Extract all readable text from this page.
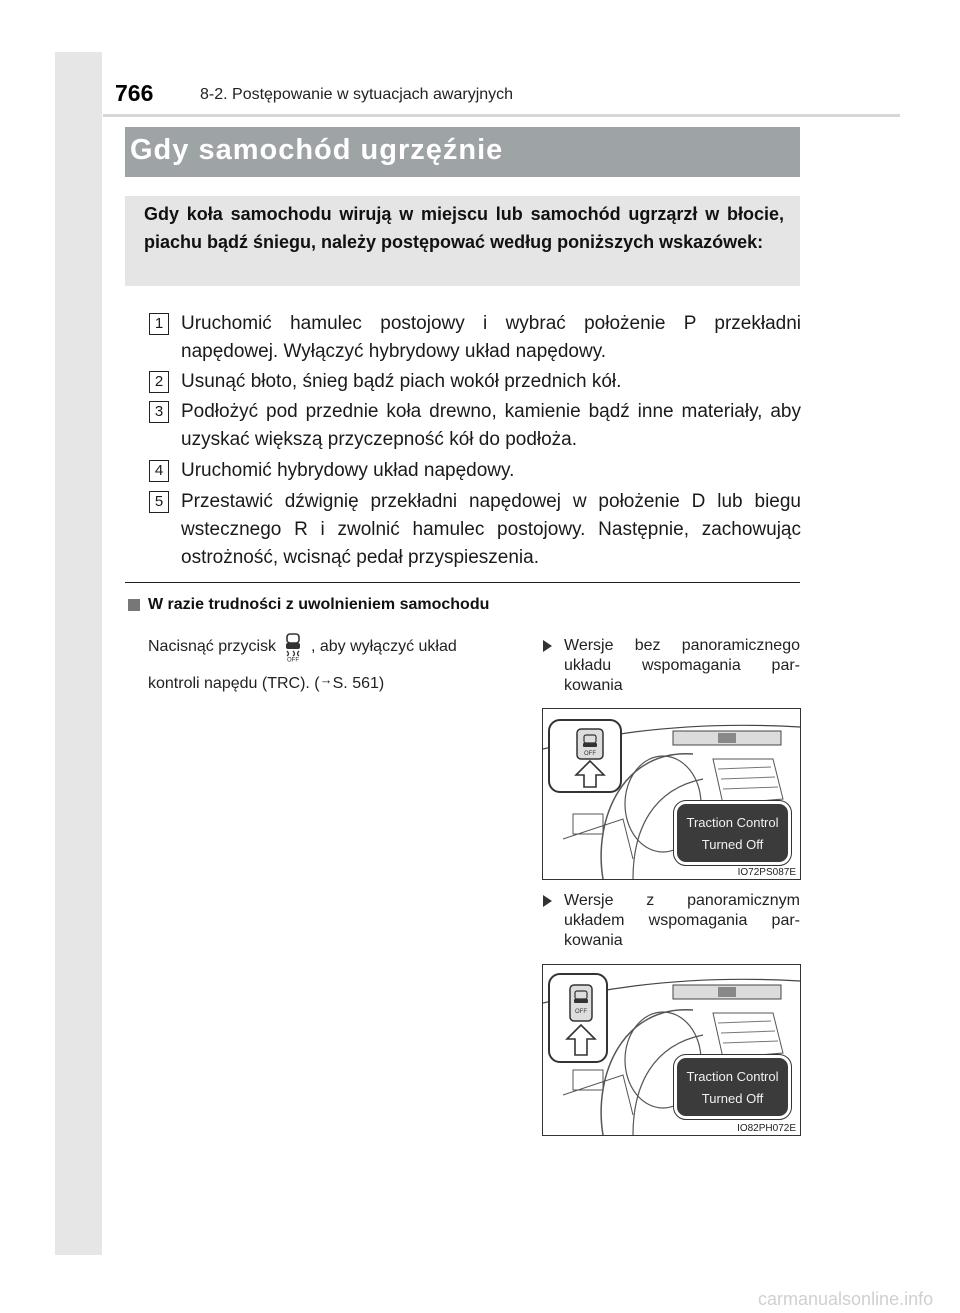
766	8-2. Postępowanie w sytuacjach awaryjnych
Gdy samochód ugrzęźnie
Gdy koła samochodu wirują w miejscu lub samochód ugrząrzł w błocie, piachu bądź śniegu, należy postępować według poniższych wskazówek:
1 Uruchomić hamulec postojowy i wybrać położenie P przekładni napędowej. Wyłączyć hybrydowy układ napędowy.
2 Usunąć błoto, śnieg bądź piach wokół przednich kół.
3 Podłożyć pod przednie koła drewno, kamienie bądź inne materiały, aby uzyskać większą przyczepność kół do podłoża.
4 Uruchomić hybrydowy układ napędowy.
5 Przestawić dźwignię przekładni napędowej w położenie D lub biegu wstecznego R i zwolnić hamulec postojowy. Następnie, zachowując ostrożność, wcisnąć pedał przyspieszenia.
W razie trudności z uwolnieniem samochodu
Nacisnąć przycisk
OFF
, aby wyłączyć układ
kontroli napędu (TRC). (→S. 561)
Wersje bez panoramicznego układu wspomagania parkowania
OFF
Traction Control
Turned Off
IO72PS087E
Wersje z panoramicznym układem wspomagania parkowania
OFF
Traction Control
Turned Off
IO82PH072E
carmanualsonline.info
